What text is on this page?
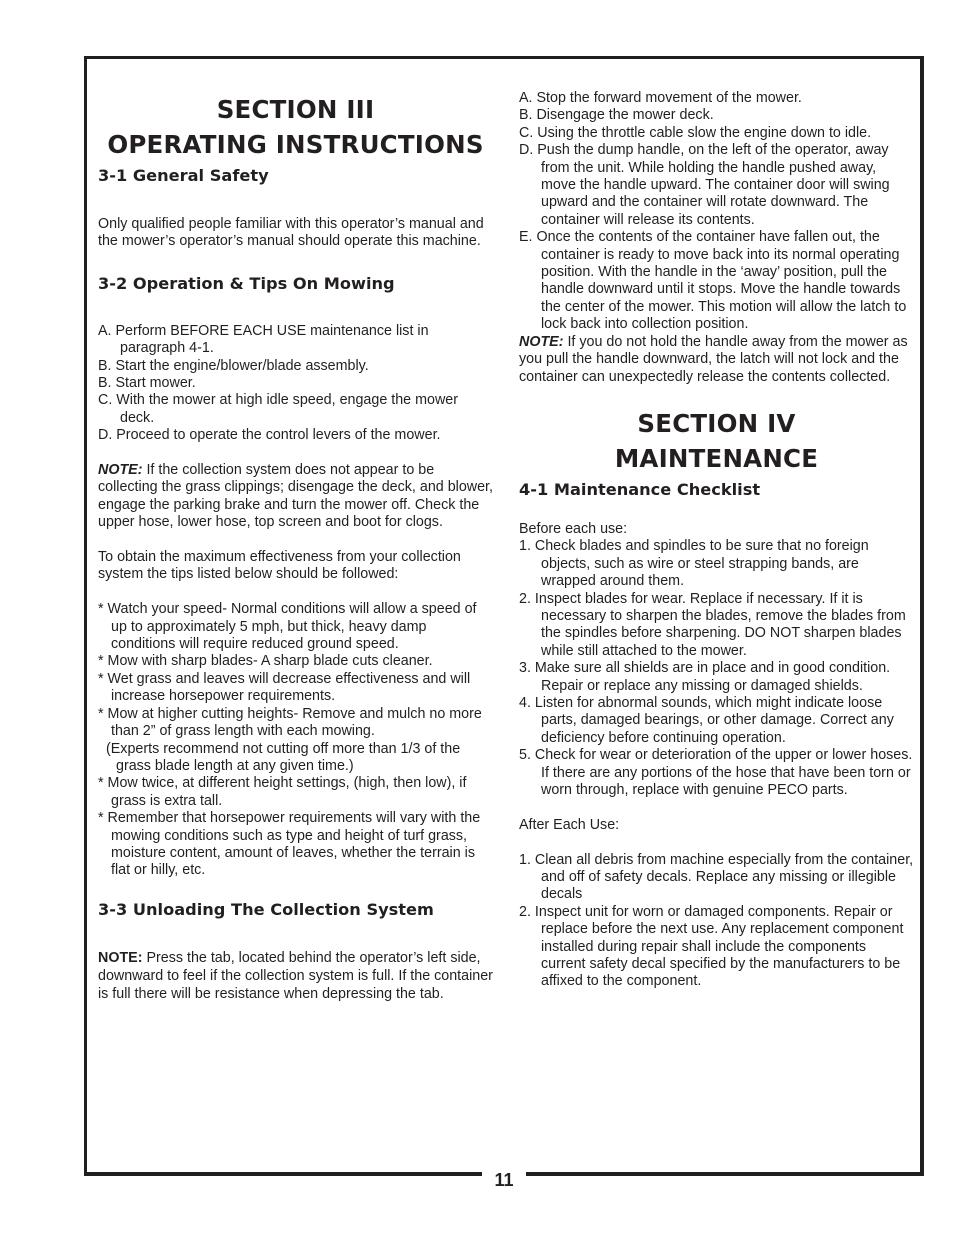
11
SECTION III
OPERATING INSTRUCTIONS
3-1 General Safety

Only qualified people familiar with this operator’s manual and the mower’s operator’s manual should operate this machine.

3-2 Operation & Tips On Mowing

A. Perform BEFORE EACH USE maintenance list in paragraph 4-1.

B. Start the engine/blower/blade assembly.

B. Start mower.

C. With the mower at high idle speed, engage the mower deck.

D. Proceed to operate the control levers of the mower.

NOTE: If the collection system does not appear to be collecting the grass clippings; disengage the deck, and blower, engage the parking brake and turn the mower off. Check the upper hose, lower hose, top screen and boot for clogs.

To obtain the maximum effectiveness from your collection system the tips listed below should be followed:

* Watch your speed- Normal conditions will allow a speed of up to approximately 5 mph, but thick, heavy damp conditions will require reduced ground speed.

* Mow with sharp blades- A sharp blade cuts cleaner.

* Wet grass and leaves will decrease effectiveness and will increase horsepower requirements.

* Mow at higher cutting heights- Remove and mulch no more than 2” of grass length with each mowing.

(Experts recommend not cutting off more than 1/3 of the grass blade length at any given time.)

* Mow twice, at different height settings, (high, then low), if grass is extra tall.

* Remember that horsepower requirements will vary with the mowing conditions such as type and height of turf grass, moisture content, amount of leaves, whether the terrain is flat or hilly, etc.

3-3 Unloading The Collection System

NOTE: Press the tab, located behind the operator’s left side, downward to feel if the collection system is full. If the container is full there will be resistance when depressing the tab.

A. Stop the forward movement of the mower.

B. Disengage the mower deck.

C. Using the throttle cable slow the engine down to idle.

D. Push the dump handle, on the left of the operator, away from the unit. While holding the handle pushed away, move the handle upward. The container door will swing upward and the container will rotate downward. The container will release its contents.

E. Once the contents of the container have fallen out, the container is ready to move back into its normal operating position. With the handle in the ‘away’ position, pull the handle downward until it stops. Move the handle towards the center of the mower. This motion will allow the latch to lock back into collection position.

NOTE: If you do not hold the handle away from the mower as you pull the handle downward, the latch will not lock and the container can unexpectedly release the contents collected.

SECTION IV
MAINTENANCE
4-1 Maintenance Checklist

Before each use:

1. Check blades and spindles to be sure that no foreign objects, such as wire or steel strapping bands, are wrapped around them.

2. Inspect blades for wear. Replace if necessary. If it is necessary to sharpen the blades, remove the blades from the spindles before sharpening. DO NOT sharpen blades while still attached to the mower.

3. Make sure all shields are in place and in good condition. Repair or replace any missing or damaged shields.

4. Listen for abnormal sounds, which might indicate loose parts, damaged bearings, or other damage. Correct any deficiency before continuing operation.

5. Check for wear or deterioration of the upper or lower hoses. If there are any portions of the hose that have been torn or worn through, replace with genuine PECO parts.

After Each Use:

1. Clean all debris from machine especially from the container, and off of safety decals. Replace any missing or illegible decals

2. Inspect unit for worn or damaged components. Repair or replace before the next use. Any replacement component installed during repair shall include the components current safety decal specified by the manufacturers to be affixed to the component.
